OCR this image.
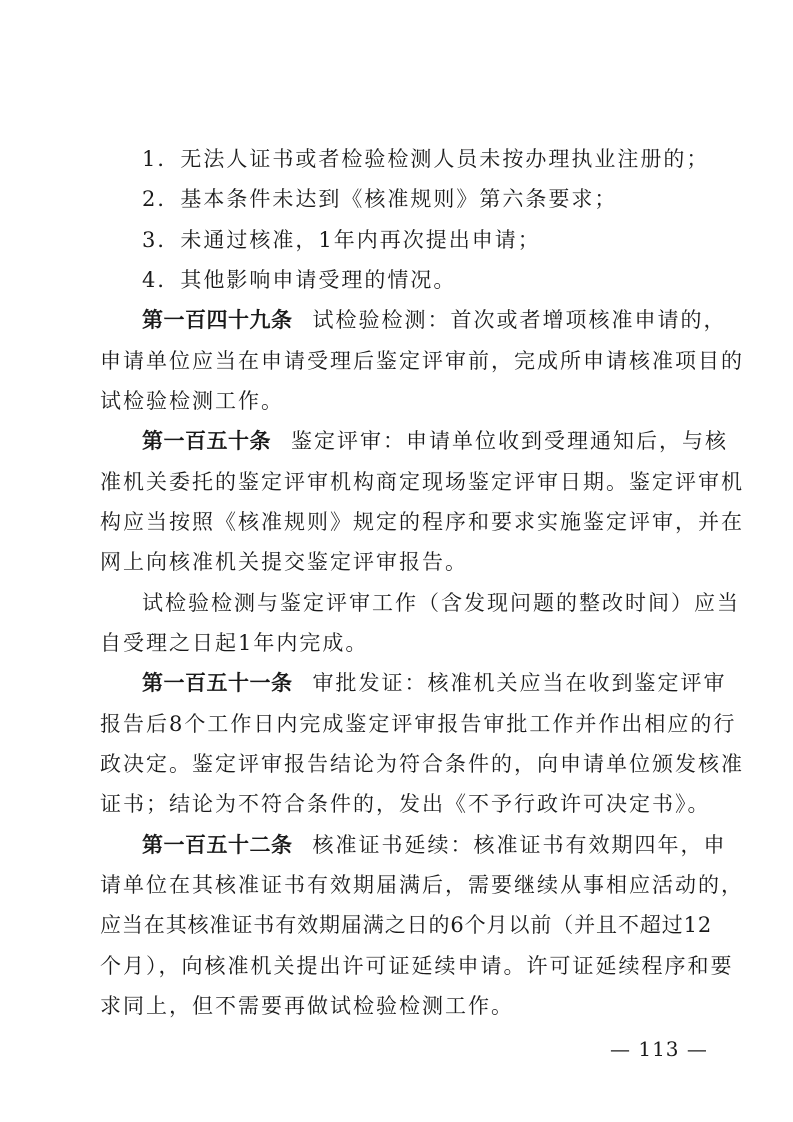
1．无法人证书或者检验检测人员未按办理执业注册的；
2．基本条件未达到《核准规则》第六条要求；
3．未通过核准，1年内再次提出申请；
4．其他影响申请受理的情况。
第一百四十九条 试检验检测：首次或者增项核准申请的，
申请单位应当在申请受理后鉴定评审前，完成所申请核准项目的
试检验检测工作。
第一百五十条 鉴定评审：申请单位收到受理通知后，与核
准机关委托的鉴定评审机构商定现场鉴定评审日期。鉴定评审机
构应当按照《核准规则》规定的程序和要求实施鉴定评审，并在
网上向核准机关提交鉴定评审报告。
试检验检测与鉴定评审工作（含发现问题的整改时间）应当
自受理之日起1年内完成。
第一百五十一条 审批发证：核准机关应当在收到鉴定评审
报告后8个工作日内完成鉴定评审报告审批工作并作出相应的行
政决定。鉴定评审报告结论为符合条件的，向申请单位颁发核准
证书；结论为不符合条件的，发出《不予行政许可决定书》。
第一百五十二条 核准证书延续：核准证书有效期四年，申
请单位在其核准证书有效期届满后，需要继续从事相应活动的，
应当在其核准证书有效期届满之日的6个月以前（并且不超过12
个月），向核准机关提出许可证延续申请。许可证延续程序和要
求同上，但不需要再做试检验检测工作。
— 113 —
